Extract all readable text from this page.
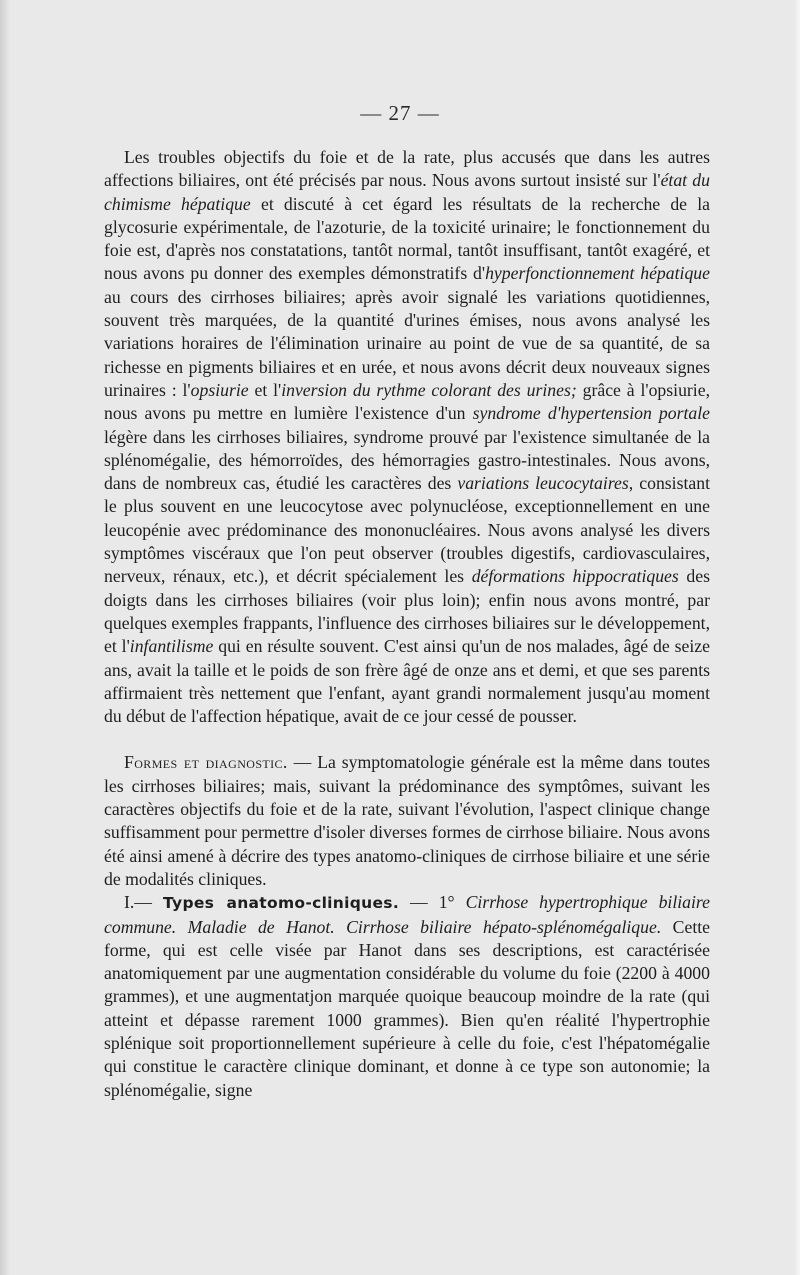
— 27 —

Les troubles objectifs du foie et de la rate, plus accusés que dans les autres affections biliaires, ont été précisés par nous. Nous avons surtout insisté sur l'état du chimisme hépatique et discuté à cet égard les résultats de la recherche de la glycosurie expérimentale, de l'azoturie, de la toxicité urinaire; le fonctionnement du foie est, d'après nos constatations, tantôt normal, tantôt insuffisant, tantôt exagéré, et nous avons pu donner des exemples démonstratifs d'hyperfonctionnement hépatique au cours des cirrhoses biliaires; après avoir signalé les variations quotidiennes, souvent très marquées, de la quantité d'urines émises, nous avons analysé les variations horaires de l'élimination urinaire au point de vue de sa quantité, de sa richesse en pigments biliaires et en urée, et nous avons décrit deux nouveaux signes urinaires : l'opsiurie et l'inversion du rythme colorant des urines; grâce à l'opsiurie, nous avons pu mettre en lumière l'existence d'un syndrome d'hypertension portale légère dans les cirrhoses biliaires, syndrome prouvé par l'existence simultanée de la splénomégalie, des hémorroïdes, des hémorragies gastro-intestinales. Nous avons, dans de nombreux cas, étudié les caractères des variations leucocytaires, consistant le plus souvent en une leucocytose avec polynucléose, exceptionnellement en une leucopénie avec prédominance des mononucléaires. Nous avons analysé les divers symptômes viscéraux que l'on peut observer (troubles digestifs, cardiovasculaires, nerveux, rénaux, etc.), et décrit spécialement les déformations hippocratiques des doigts dans les cirrhoses biliaires (voir plus loin); enfin nous avons montré, par quelques exemples frappants, l'influence des cirrhoses biliaires sur le développement, et l'infantilisme qui en résulte souvent. C'est ainsi qu'un de nos malades, âgé de seize ans, avait la taille et le poids de son frère âgé de onze ans et demi, et que ses parents affirmaient très nettement que l'enfant, ayant grandi normalement jusqu'au moment du début de l'affection hépatique, avait de ce jour cessé de pousser.

Formes et diagnostic. — La symptomatologie générale est la même dans toutes les cirrhoses biliaires; mais, suivant la prédominance des symptômes, suivant les caractères objectifs du foie et de la rate, suivant l'évolution, l'aspect clinique change suffisamment pour permettre d'isoler diverses formes de cirrhose biliaire. Nous avons été ainsi amené à décrire des types anatomo-cliniques de cirrhose biliaire et une série de modalités cliniques.

I.— Types anatomo-cliniques. — 1° Cirrhose hypertrophique biliaire commune. Maladie de Hanot. Cirrhose biliaire hépato-splénomégalique. Cette forme, qui est celle visée par Hanot dans ses descriptions, est caractérisée anatomiquement par une augmentation considérable du volume du foie (2200 à 4000 grammes), et une augmentatjon marquée quoique beaucoup moindre de la rate (qui atteint et dépasse rarement 1000 grammes). Bien qu'en réalité l'hypertrophie splénique soit proportionnellement supérieure à celle du foie, c'est l'hépatomégalie qui constitue le caractère clinique dominant, et donne à ce type son autonomie; la splénomégalie, signe
